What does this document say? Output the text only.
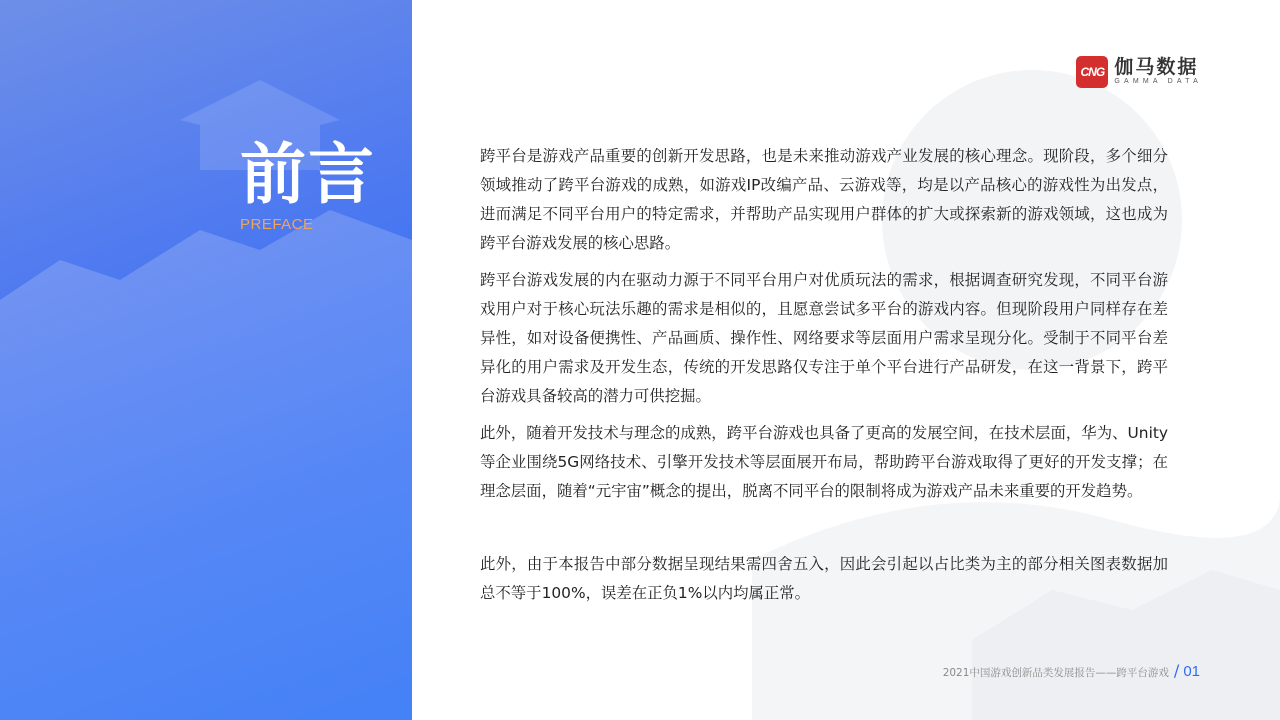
前言
PREFACE
CNG 伽马数据
GAMMA DATA

跨平台是游戏产品重要的创新开发思路，也是未来推动游戏产业发展的核心理念。现阶段，多个细分领域推动了跨平台游戏的成熟，如游戏IP改编产品、云游戏等，均是以产品核心的游戏性为出发点，进而满足不同平台用户的特定需求，并帮助产品实现用户群体的扩大或探索新的游戏领域，这也成为跨平台游戏发展的核心思路。

跨平台游戏发展的内在驱动力源于不同平台用户对优质玩法的需求，根据调查研究发现，不同平台游戏用户对于核心玩法乐趣的需求是相似的，且愿意尝试多平台的游戏内容。但现阶段用户同样存在差异性，如对设备便携性、产品画质、操作性、网络要求等层面用户需求呈现分化。受制于不同平台差异化的用户需求及开发生态，传统的开发思路仅专注于单个平台进行产品研发，在这一背景下，跨平台游戏具备较高的潜力可供挖掘。

此外，随着开发技术与理念的成熟，跨平台游戏也具备了更高的发展空间，在技术层面，华为、Unity等企业围绕5G网络技术、引擎开发技术等层面展开布局，帮助跨平台游戏取得了更好的开发支撑；在理念层面，随着“元宇宙”概念的提出，脱离不同平台的限制将成为游戏产品未来重要的开发趋势。

此外，由于本报告中部分数据呈现结果需四舍五入，因此会引起以占比类为主的部分相关图表数据加总不等于100%，误差在正负1%以内均属正常。

2021中国游戏创新品类发展报告——跨平台游戏 / 01
